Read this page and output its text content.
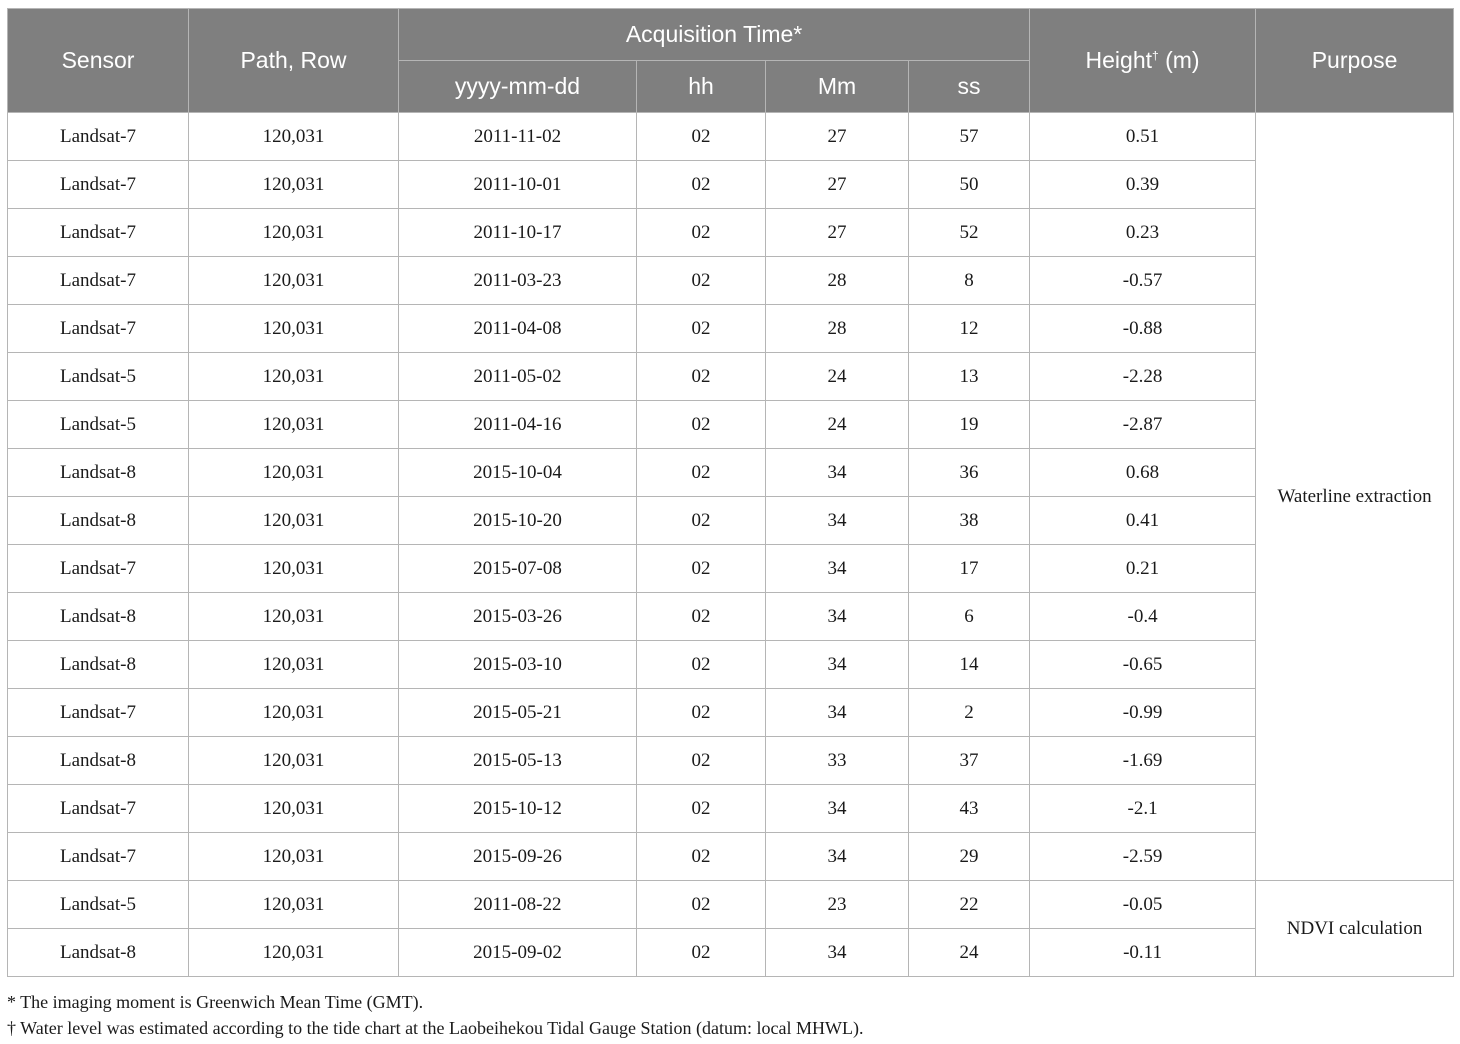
Sensor	Path, Row	Acquisition Time*				Height† (m)	Purpose
		yyyy-mm-dd	hh	Mm	ss		
Landsat-7	120,031	2011-11-02	02	27	57	0.51	Waterline extraction
Landsat-7	120,031	2011-10-01	02	27	50	0.39	
Landsat-7	120,031	2011-10-17	02	27	52	0.23	
Landsat-7	120,031	2011-03-23	02	28	8	-0.57	
Landsat-7	120,031	2011-04-08	02	28	12	-0.88	
Landsat-5	120,031	2011-05-02	02	24	13	-2.28	
Landsat-5	120,031	2011-04-16	02	24	19	-2.87	
Landsat-8	120,031	2015-10-04	02	34	36	0.68	
Landsat-8	120,031	2015-10-20	02	34	38	0.41	
Landsat-7	120,031	2015-07-08	02	34	17	0.21	
Landsat-8	120,031	2015-03-26	02	34	6	-0.4	
Landsat-8	120,031	2015-03-10	02	34	14	-0.65	
Landsat-7	120,031	2015-05-21	02	34	2	-0.99	
Landsat-8	120,031	2015-05-13	02	33	37	-1.69	
Landsat-7	120,031	2015-10-12	02	34	43	-2.1	
Landsat-7	120,031	2015-09-26	02	34	29	-2.59	
Landsat-5	120,031	2011-08-22	02	23	22	-0.05	NDVI calculation
Landsat-8	120,031	2015-09-02	02	34	24	-0.11	
* The imaging moment is Greenwich Mean Time (GMT).
† Water level was estimated according to the tide chart at the Laobeihekou Tidal Gauge Station (datum: local MHWL).
